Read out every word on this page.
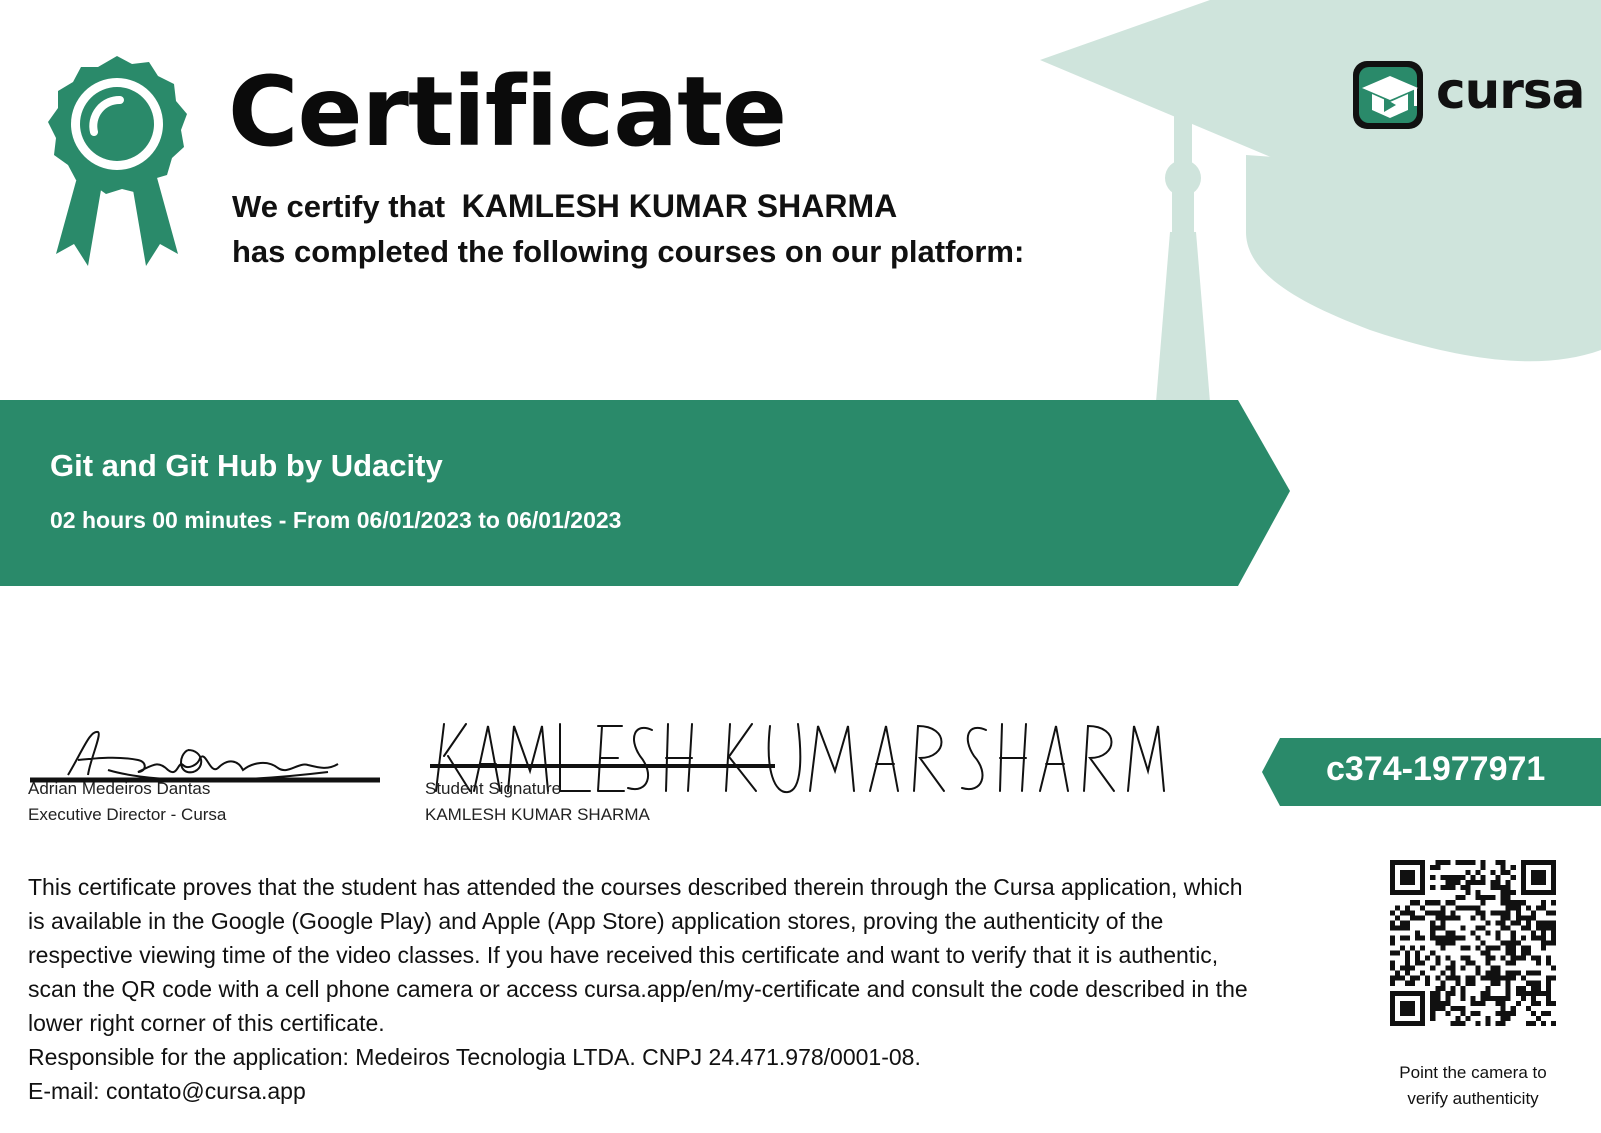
cursa
Certificate
We certify that KAMLESH KUMAR SHARMA
has completed the following courses on our platform:
Git and Git Hub by Udacity
02 hours 00 minutes - From 06/01/2023 to 06/01/2023
Adrian Medeiros Dantas
Executive Director - Cursa
Student Signature
KAMLESH KUMAR SHARMA
c374-1977971
This certificate proves that the student has attended the courses described therein through the Cursa application, which
is available in the Google (Google Play) and Apple (App Store) application stores, proving the authenticity of the
respective viewing time of the video classes. If you have received this certificate and want to verify that it is authentic,
scan the QR code with a cell phone camera or access cursa.app/en/my-certificate and consult the code described in the
lower right corner of this certificate.
Responsible for the application: Medeiros Tecnologia LTDA. CNPJ 24.471.978/0001-08.
E-mail: contato@cursa.app
Point the camera to
verify authenticity
